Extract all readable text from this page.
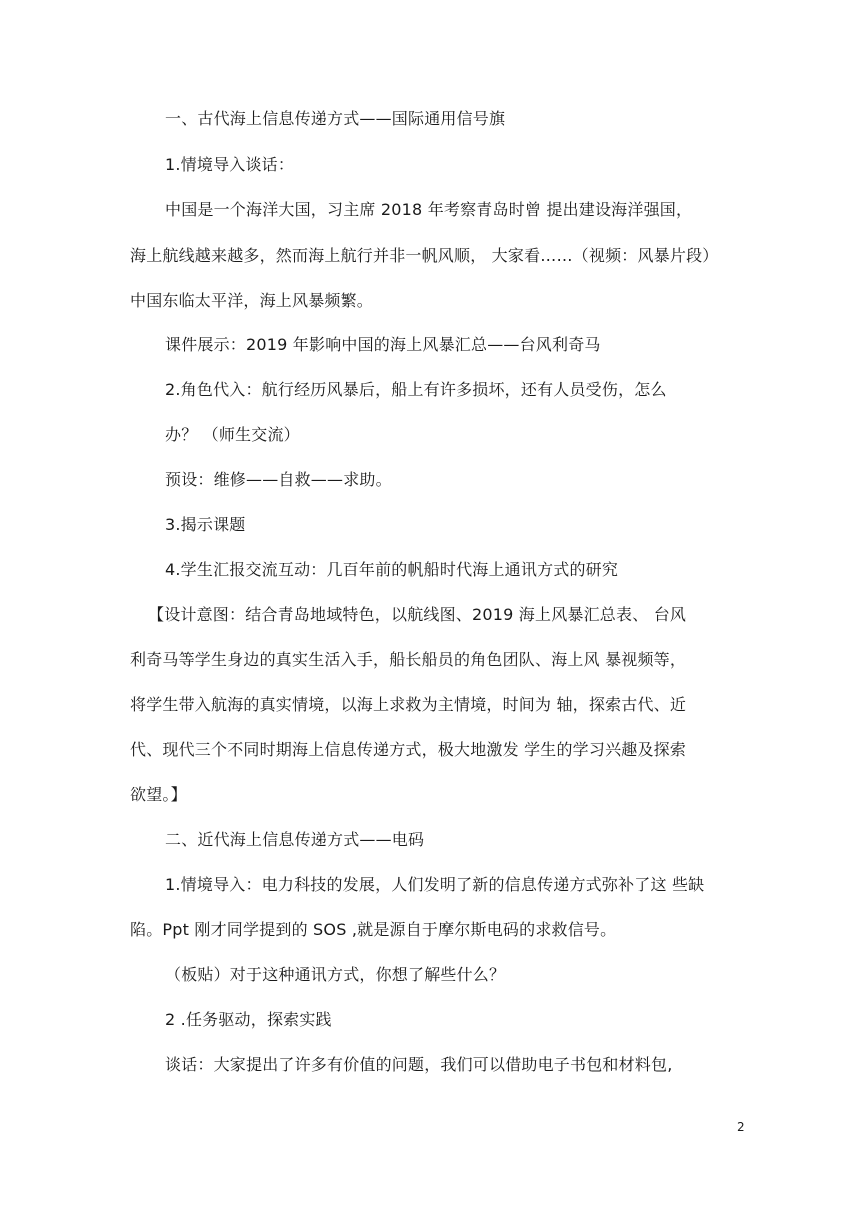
一、古代海上信息传递方式——国际通用信号旗
1.情境导入谈话：
中国是一个海洋大国，习主席 2018 年考察青岛时曾 提出建设海洋强国，
海上航线越来越多，然而海上航行并非一帆风顺， 大家看……（视频：风暴片段）
中国东临太平洋，海上风暴频繁。
课件展示：2019 年影响中国的海上风暴汇总——台风利奇马
2.角色代入：航行经历风暴后，船上有许多损坏，还有人员受伤，怎么
办？ （师生交流）
预设：维修——自救——求助。
3.揭示课题
4.学生汇报交流互动：几百年前的帆船时代海上通讯方式的研究
【设计意图：结合青岛地域特色，以航线图、2019 海上风暴汇总表、 台风
利奇马等学生身边的真实生活入手，船长船员的角色团队、海上风 暴视频等，
将学生带入航海的真实情境，以海上求救为主情境，时间为 轴，探索古代、近
代、现代三个不同时期海上信息传递方式，极大地激发 学生的学习兴趣及探索
欲望。】
二、近代海上信息传递方式——电码
1.情境导入：电力科技的发展，人们发明了新的信息传递方式弥补了这 些缺
陷。Ppt 刚才同学提到的 SOS ,就是源自于摩尔斯电码的求救信号。
（板贴）对于这种通讯方式，你想了解些什么？
2 .任务驱动，探索实践
谈话：大家提出了许多有价值的问题，我们可以借助电子书包和材料包,
2
